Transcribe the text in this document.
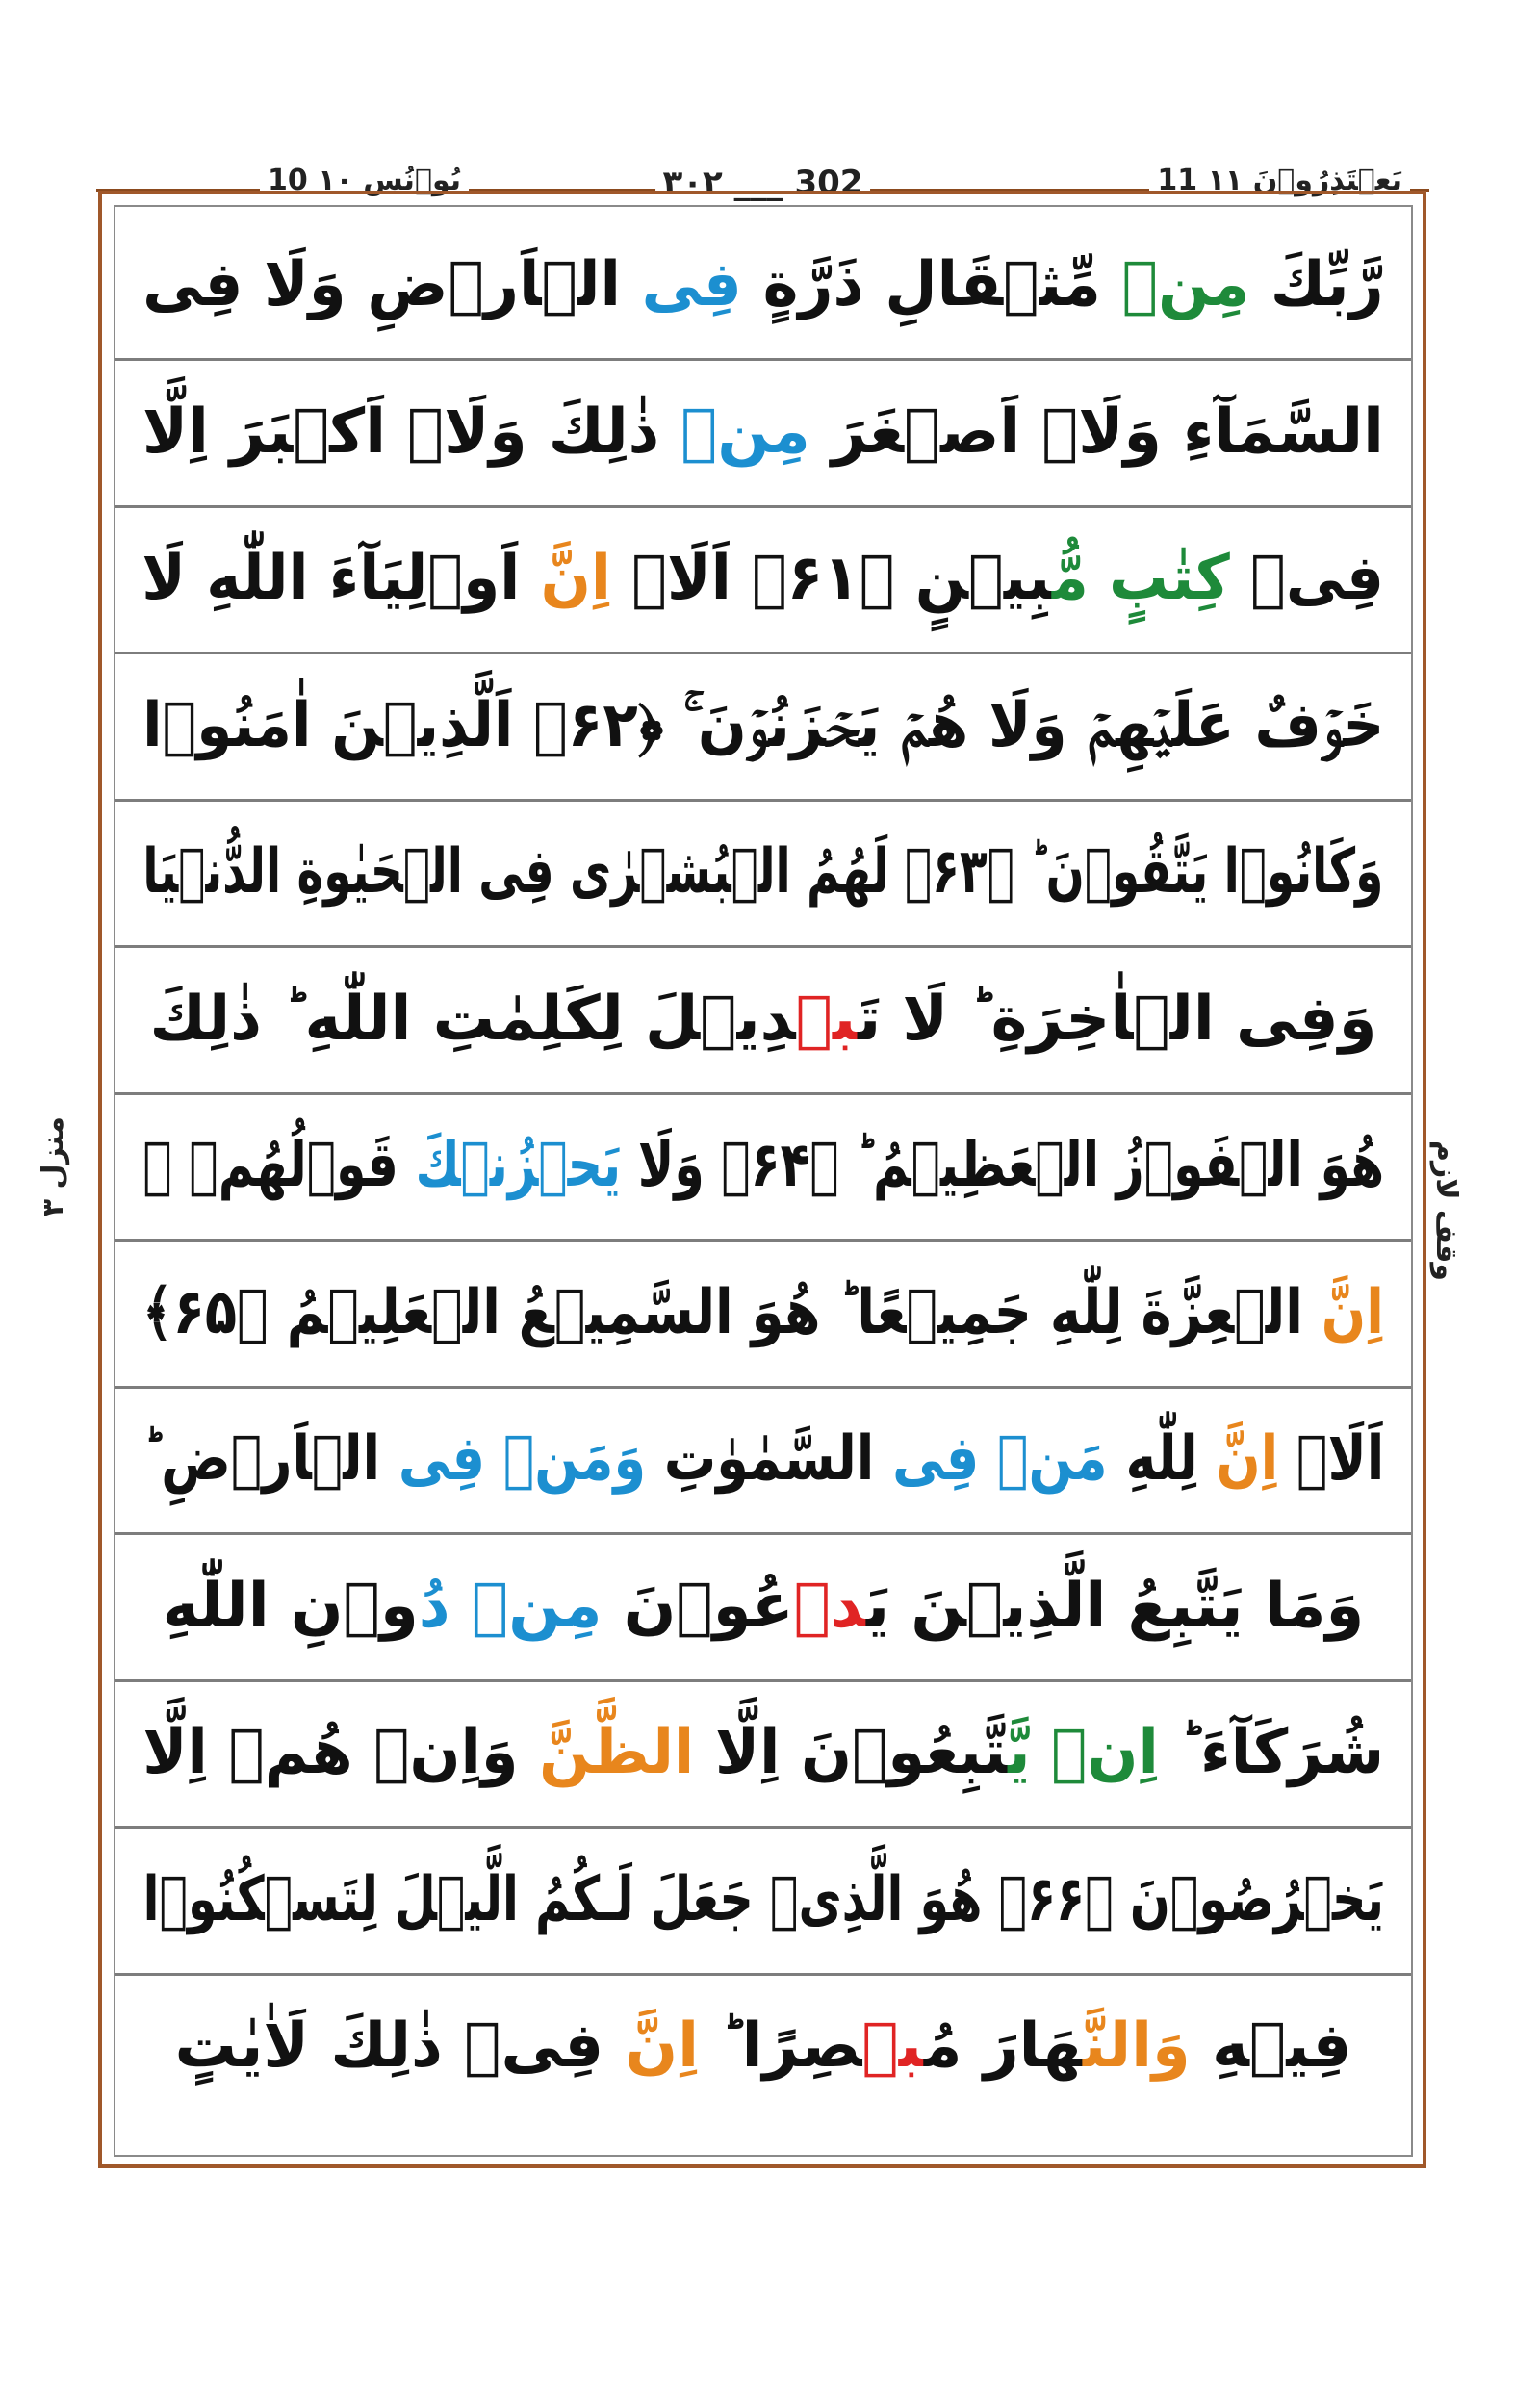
11 يَعۡتَذِرُوۡنَ ۱۱
۳۰۲ ___ 302
10 یُوۡنُس ۱۰
منزل ۳	وقف لازم
رَّبِّكَ مِنۡ مِّثۡقَالِ ذَرَّةٍ فِى الۡاَرۡضِ وَلَا فِى
السَّمَآءِ وَلَاۤ اَصۡغَرَ مِنۡ ذٰلِكَ وَلَاۤ اَكۡبَرَ اِلَّا
فِىۡ كِتٰبٍ مُّبِيۡنٍ ﴿۶۱﴾ اَلَاۤ اِنَّ اَوۡلِيَآءَ اللّٰهِ لَا
خَوۡفٌ عَلَيۡهِمۡ وَلَا هُمۡ يَحۡزَنُوۡنَ ۚ ﴿۶۲﴾ اَلَّذِيۡنَ اٰمَنُوۡا
وَكَانُوۡا يَتَّقُوۡنَ ؕ ﴿۶۳﴾ لَهُمُ الۡبُشۡرٰى فِى الۡحَيٰوةِ الدُّنۡيَا
وَفِى الۡاٰخِرَةِ ؕ لَا تَبۡدِيۡلَ لِكَلِمٰتِ اللّٰهِ ؕ ذٰلِكَ
هُوَ الۡفَوۡزُ الۡعَظِيۡمُ ؕ ﴿۶۴﴾ وَلَا يَحۡزُنۡكَ قَوۡلُهُمۡ ۘ
اِنَّ الۡعِزَّةَ لِلّٰهِ جَمِيۡعًا ؕ هُوَ السَّمِيۡعُ الۡعَلِيۡمُ ﴿۶۵﴾
اَلَاۤ اِنَّ لِلّٰهِ مَنۡ فِى السَّمٰوٰتِ وَمَنۡ فِى الۡاَرۡضِ ؕ
وَمَا يَتَّبِعُ الَّذِيۡنَ يَدۡعُوۡنَ مِنۡ دُوۡنِ اللّٰهِ
شُرَكَآءَ ؕ اِنۡ يَّتَّبِعُوۡنَ اِلَّا الظَّنَّ وَاِنۡ هُمۡ اِلَّا
يَخۡرُصُوۡنَ ﴿۶۶﴾ هُوَ الَّذِىۡ جَعَلَ لَـكُمُ الَّيۡلَ لِتَسۡكُنُوۡا
فِيۡهِ وَالنَّهَارَ مُبۡصِرًا ؕ اِنَّ فِىۡ ذٰلِكَ لَاٰيٰتٍ
